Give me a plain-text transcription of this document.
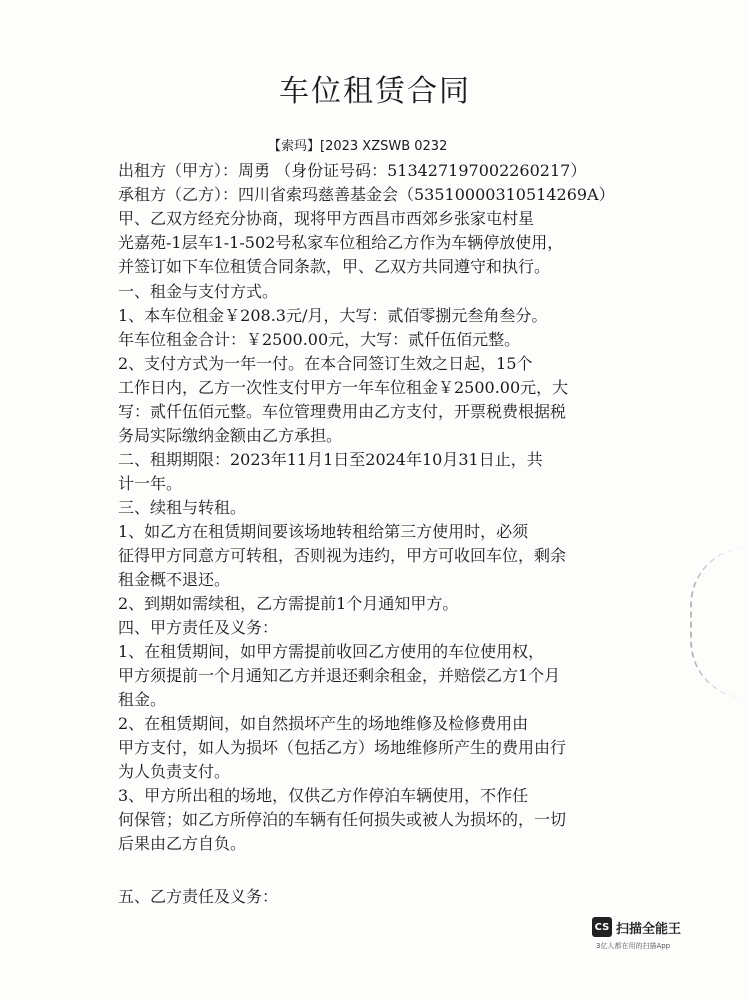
车位租赁合同
【索玛】[2023 XZSWB 0232
出租方（甲方）：周勇 （身份证号码：513427197002260217）
承租方（乙方）：四川省索玛慈善基金会（53510000310514269A）
甲、乙双方经充分协商，现将甲方西昌市西郊乡张家屯村星
光嘉苑-1层车1-1-502号私家车位租给乙方作为车辆停放使用，
并签订如下车位租赁合同条款，甲、乙双方共同遵守和执行。
一、租金与支付方式。
1、本车位租金￥208.3元/月，大写：贰佰零捌元叁角叁分。
年车位租金合计：￥2500.00元，大写：贰仟伍佰元整。
2、支付方式为一年一付。在本合同签订生效之日起，15个
工作日内，乙方一次性支付甲方一年车位租金￥2500.00元，大
写：贰仟伍佰元整。车位管理费用由乙方支付，开票税费根据税
务局实际缴纳金额由乙方承担。
二、租期期限：2023年11月1日至2024年10月31日止，共
计一年。
三、续租与转租。
1、如乙方在租赁期间要该场地转租给第三方使用时，必须
征得甲方同意方可转租，否则视为违约，甲方可收回车位，剩余
租金概不退还。
2、到期如需续租，乙方需提前1个月通知甲方。
四、甲方责任及义务：
1、在租赁期间，如甲方需提前收回乙方使用的车位使用权，
甲方须提前一个月通知乙方并退还剩余租金，并赔偿乙方1个月
租金。
2、在租赁期间，如自然损坏产生的场地维修及检修费用由
甲方支付，如人为损坏（包括乙方）场地维修所产生的费用由行
为人负责支付。
3、甲方所出租的场地，仅供乙方作停泊车辆使用，不作任
何保管；如乙方所停泊的车辆有任何损失或被人为损坏的，一切
后果由乙方自负。
五、乙方责任及义务：
CS 扫描全能王
3亿人都在用的扫描App
